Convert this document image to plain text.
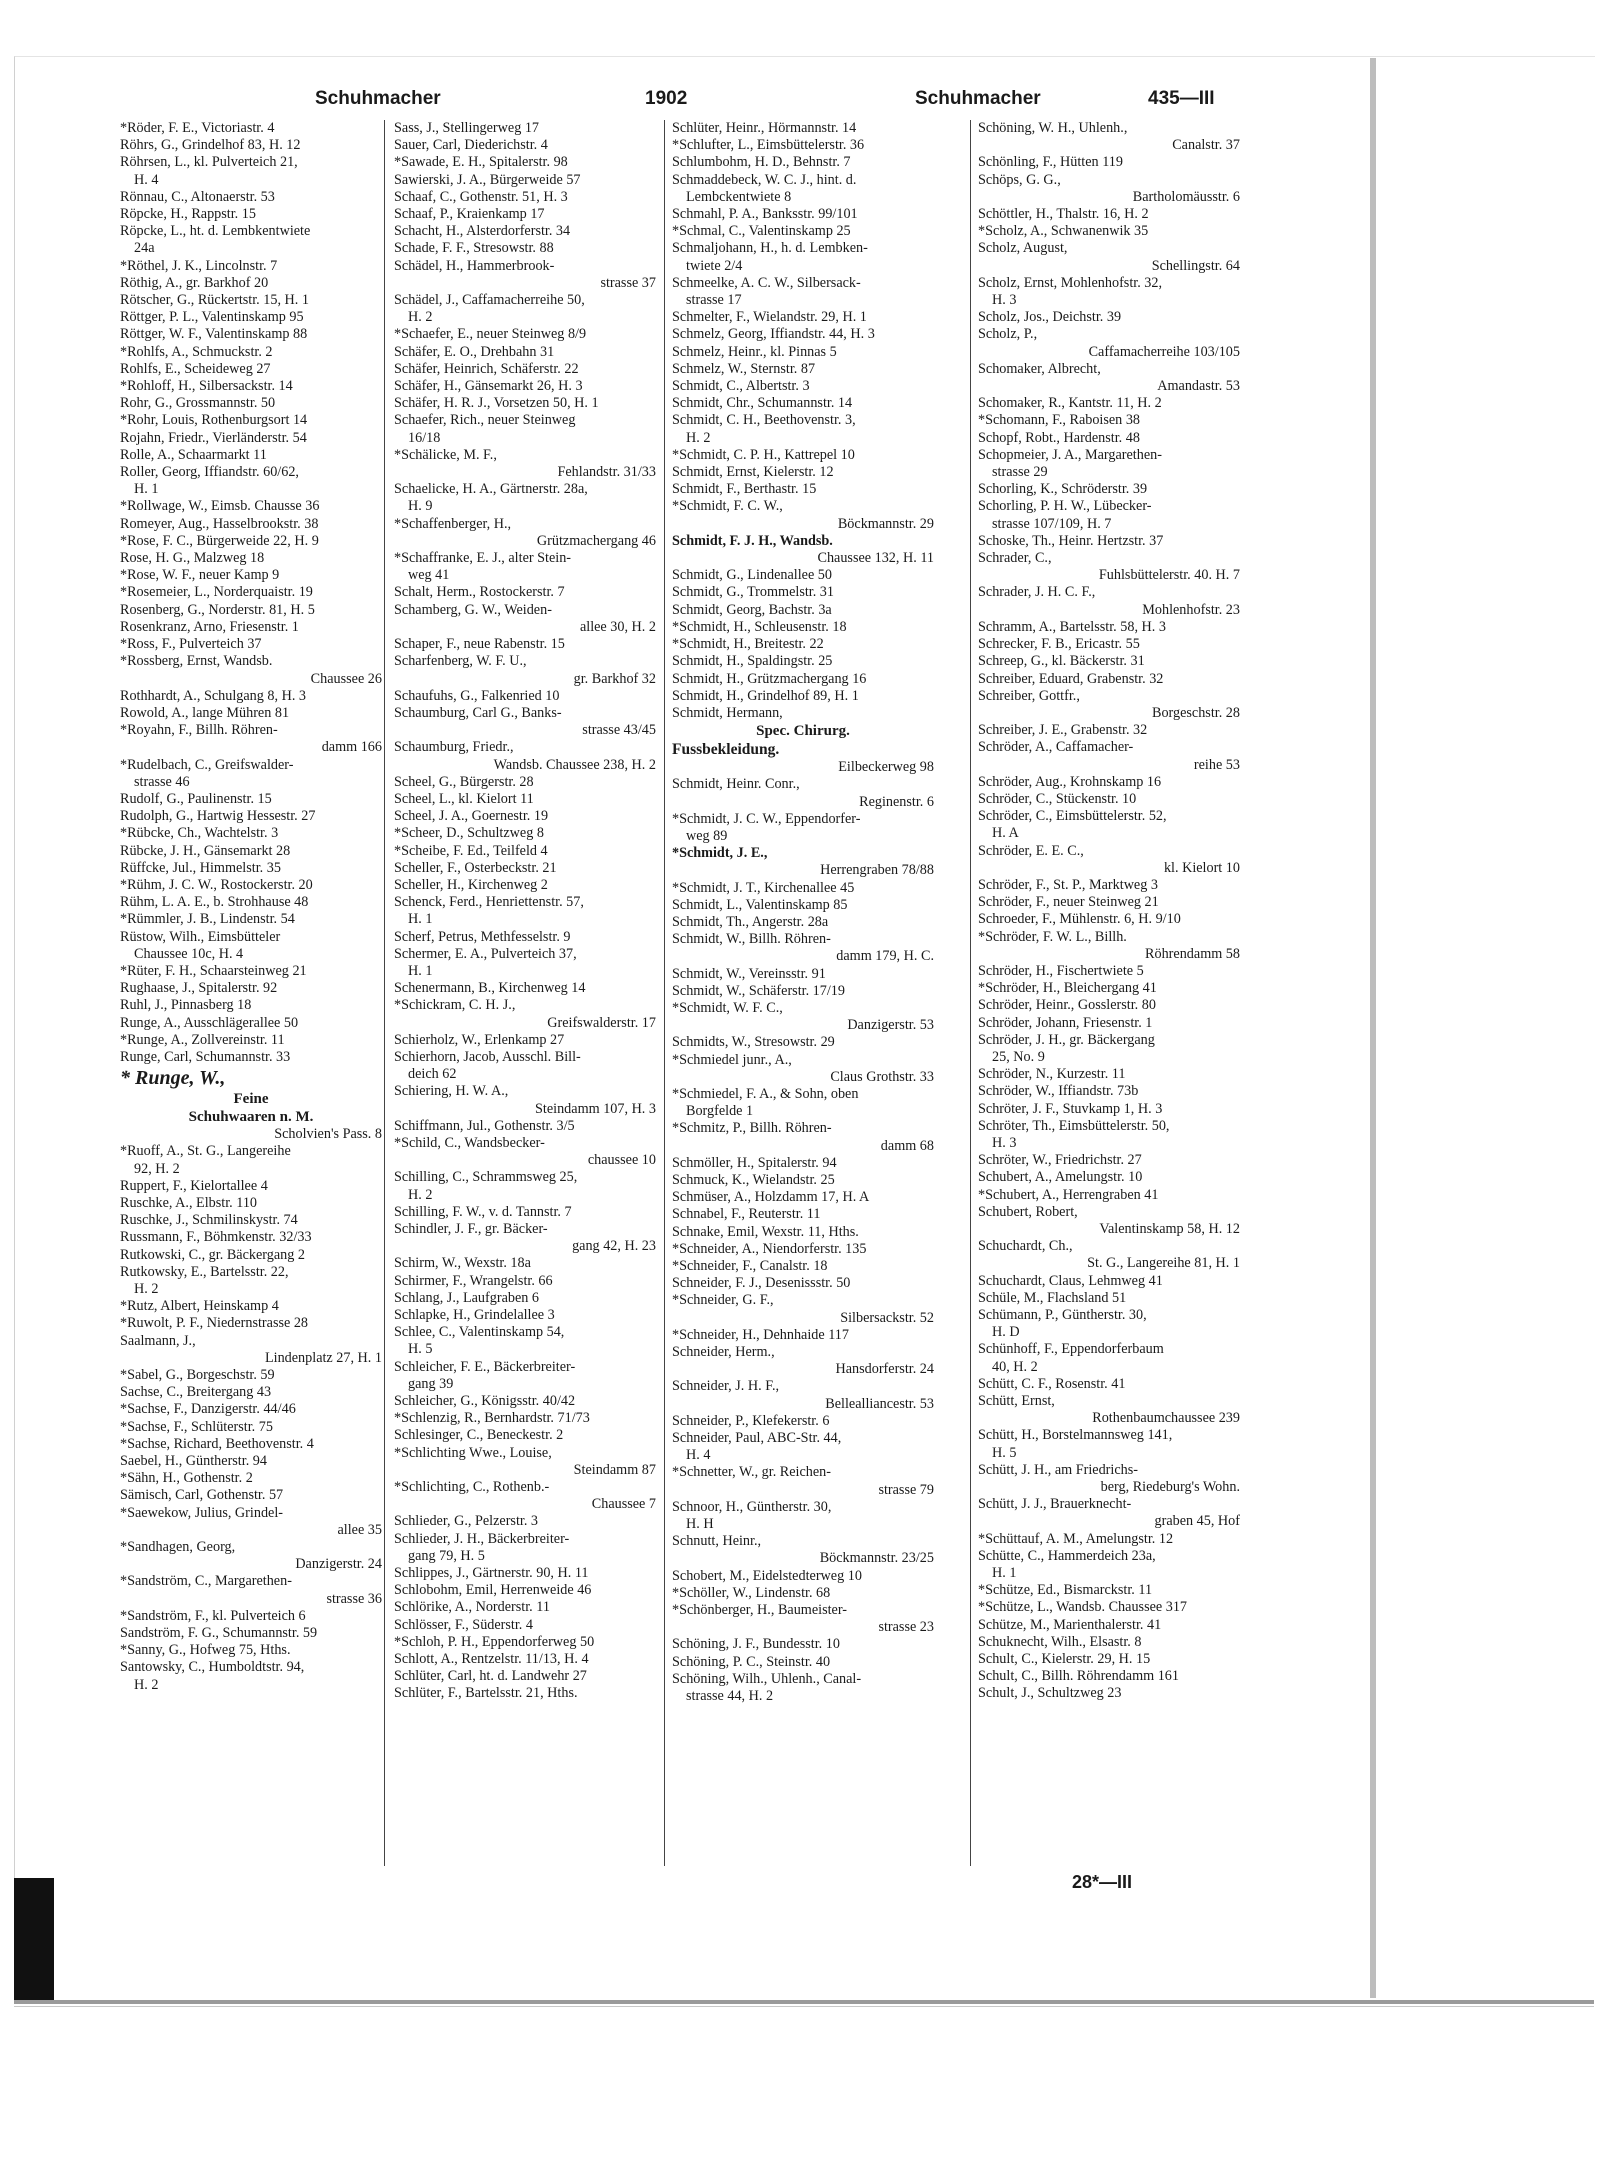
Schuhmacher	1902	Schuhmacher	435—III
*Röder, F. E., Victoriastr. 4
Röhrs, G., Grindelhof 83, H. 12
Röhrsen, L., kl. Pulverteich 21,
H. 4
Rönnau, C., Altonaerstr. 53
Röpcke, H., Rappstr. 15
Röpcke, L., ht. d. Lembkentwiete
24a
*Röthel, J. K., Lincolnstr. 7
Röthig, A., gr. Barkhof 20
Rötscher, G., Rückertstr. 15, H. 1
Röttger, P. L., Valentinskamp 95
Röttger, W. F., Valentinskamp 88
*Rohlfs, A., Schmuckstr. 2
Rohlfs, E., Scheideweg 27
*Rohloff, H., Silbersackstr. 14
Rohr, G., Grossmannstr. 50
*Rohr, Louis, Rothenburgsort 14
Rojahn, Friedr., Vierländerstr. 54
Rolle, A., Schaarmarkt 11
Roller, Georg, Iffiandstr. 60/62,
H. 1
*Rollwage, W., Eimsb. Chausse 36
Romeyer, Aug., Hasselbrookstr. 38
*Rose, F. C., Bürgerweide 22, H. 9
Rose, H. G., Malzweg 18
*Rose, W. F., neuer Kamp 9
*Rosemeier, L., Norderquaistr. 19
Rosenberg, G., Norderstr. 81, H. 5
Rosenkranz, Arno, Friesenstr. 1
*Ross, F., Pulverteich 37
*Rossberg, Ernst, Wandsb.
Chaussee 26
Rothhardt, A., Schulgang 8, H. 3
Rowold, A., lange Mühren 81
*Royahn, F., Billh. Röhren-
damm 166
*Rudelbach, C., Greifswalder-
strasse 46
Rudolf, G., Paulinenstr. 15
Rudolph, G., Hartwig Hessestr. 27
*Rübcke, Ch., Wachtelstr. 3
Rübcke, J. H., Gänsemarkt 28
Rüffcke, Jul., Himmelstr. 35
*Rühm, J. C. W., Rostockerstr. 20
Rühm, L. A. E., b. Strohhause 48
*Rümmler, J. B., Lindenstr. 54
Rüstow, Wilh., Eimsbütteler
Chaussee 10c, H. 4
*Rüter, F. H., Schaarsteinweg 21
Rughaase, J., Spitalerstr. 92
Ruhl, J., Pinnasberg 18
Runge, A., Ausschlägerallee 50
*Runge, A., Zollvereinstr. 11
Runge, Carl, Schumannstr. 33
* Runge, W.,
Feine
Schuhwaaren n. M.
Scholvien's Pass. 8
*Ruoff, A., St. G., Langereihe
92, H. 2
Ruppert, F., Kielortallee 4
Ruschke, A., Elbstr. 110
Ruschke, J., Schmilinskystr. 74
Russmann, F., Böhmkenstr. 32/33
Rutkowski, C., gr. Bäckergang 2
Rutkowsky, E., Bartelsstr. 22,
H. 2
*Rutz, Albert, Heinskamp 4
*Ruwolt, P. F., Niedernstrasse 28
Saalmann, J.,
Lindenplatz 27, H. 1
*Sabel, G., Borgeschstr. 59
Sachse, C., Breitergang 43
*Sachse, F., Danzigerstr. 44/46
*Sachse, F., Schlüterstr. 75
*Sachse, Richard, Beethovenstr. 4
Saebel, H., Güntherstr. 94
*Sähn, H., Gothenstr. 2
Sämisch, Carl, Gothenstr. 57
*Saewekow, Julius, Grindel-
allee 35
*Sandhagen, Georg,
Danzigerstr. 24
*Sandström, C., Margarethen-
strasse 36
*Sandström, F., kl. Pulverteich 6
Sandström, F. G., Schumannstr. 59
*Sanny, G., Hofweg 75, Hths.
Santowsky, C., Humboldtstr. 94,
H. 2
Sass, J., Stellingerweg 17
Sauer, Carl, Diederichstr. 4
*Sawade, E. H., Spitalerstr. 98
Sawierski, J. A., Bürgerweide 57
Schaaf, C., Gothenstr. 51, H. 3
Schaaf, P., Kraienkamp 17
Schacht, H., Alsterdorferstr. 34
Schade, F. F., Stresowstr. 88
Schädel, H., Hammerbrook-
strasse 37
Schädel, J., Caffamacherreihe 50,
H. 2
*Schaefer, E., neuer Steinweg 8/9
Schäfer, E. O., Drehbahn 31
Schäfer, Heinrich, Schäferstr. 22
Schäfer, H., Gänsemarkt 26, H. 3
Schäfer, H. R. J., Vorsetzen 50, H. 1
Schaefer, Rich., neuer Steinweg
16/18
*Schälicke, M. F.,
Fehlandstr. 31/33
Schaelicke, H. A., Gärtnerstr. 28a,
H. 9
*Schaffenberger, H.,
Grützmachergang 46
*Schaffranke, E. J., alter Stein-
weg 41
Schalt, Herm., Rostockerstr. 7
Schamberg, G. W., Weiden-
allee 30, H. 2
Schaper, F., neue Rabenstr. 15
Scharfenberg, W. F. U.,
gr. Barkhof 32
Schaufuhs, G., Falkenried 10
Schaumburg, Carl G., Banks-
strasse 43/45
Schaumburg, Friedr.,
Wandsb. Chaussee 238, H. 2
Scheel, G., Bürgerstr. 28
Scheel, L., kl. Kielort 11
Scheel, J. A., Goernestr. 19
*Scheer, D., Schultzweg 8
*Scheibe, F. Ed., Teilfeld 4
Scheller, F., Osterbeckstr. 21
Scheller, H., Kirchenweg 2
Schenck, Ferd., Henriettenstr. 57,
H. 1
Scherf, Petrus, Methfesselstr. 9
Schermer, E. A., Pulverteich 37,
H. 1
Schenermann, B., Kirchenweg 14
*Schickram, C. H. J.,
Greifswalderstr. 17
Schierholz, W., Erlenkamp 27
Schierhorn, Jacob, Ausschl. Bill-
deich 62
Schiering, H. W. A.,
Steindamm 107, H. 3
Schiffmann, Jul., Gothenstr. 3/5
*Schild, C., Wandsbecker-
chaussee 10
Schilling, C., Schrammsweg 25,
H. 2
Schilling, F. W., v. d. Tannstr. 7
Schindler, J. F., gr. Bäcker-
gang 42, H. 23
Schirm, W., Wexstr. 18a
Schirmer, F., Wrangelstr. 66
Schlang, J., Laufgraben 6
Schlapke, H., Grindelallee 3
Schlee, C., Valentinskamp 54,
H. 5
Schleicher, F. E., Bäckerbreiter-
gang 39
Schleicher, G., Königsstr. 40/42
*Schlenzig, R., Bernhardstr. 71/73
Schlesinger, C., Beneckestr. 2
*Schlichting Wwe., Louise,
Steindamm 87
*Schlichting, C., Rothenb.-
Chaussee 7
Schlieder, G., Pelzerstr. 3
Schlieder, J. H., Bäckerbreiter-
gang 79, H. 5
Schlippes, J., Gärtnerstr. 90, H. 11
Schlobohm, Emil, Herrenweide 46
Schlörike, A., Norderstr. 11
Schlösser, F., Süderstr. 4
*Schloh, P. H., Eppendorferweg 50
Schlott, A., Rentzelstr. 11/13, H. 4
Schlüter, Carl, ht. d. Landwehr 27
Schlüter, F., Bartelsstr. 21, Hths.
Schlüter, Heinr., Hörmannstr. 14
*Schlufter, L., Eimsbüttelerstr. 36
Schlumbohm, H. D., Behnstr. 7
Schmaddebeck, W. C. J., hint. d.
Lembckentwiete 8
Schmahl, P. A., Banksstr. 99/101
*Schmal, C., Valentinskamp 25
Schmaljohann, H., h. d. Lembken-
twiete 2/4
Schmeelke, A. C. W., Silbersack-
strasse 17
Schmelter, F., Wielandstr. 29, H. 1
Schmelz, Georg, Iffiandstr. 44, H. 3
Schmelz, Heinr., kl. Pinnas 5
Schmelz, W., Sternstr. 87
Schmidt, C., Albertstr. 3
Schmidt, Chr., Schumannstr. 14
Schmidt, C. H., Beethovenstr. 3,
H. 2
*Schmidt, C. P. H., Kattrepel 10
Schmidt, Ernst, Kielerstr. 12
Schmidt, F., Berthastr. 15
*Schmidt, F. C. W.,
Böckmannstr. 29
Schmidt, F. J. H., Wandsb.
Chaussee 132, H. 11
Schmidt, G., Lindenallee 50
Schmidt, G., Trommelstr. 31
Schmidt, Georg, Bachstr. 3a
*Schmidt, H., Schleusenstr. 18
*Schmidt, H., Breitestr. 22
Schmidt, H., Spaldingstr. 25
Schmidt, H., Grützmachergang 16
Schmidt, H., Grindelhof 89, H. 1
Schmidt, Hermann,
Spec. Chirurg.
Fussbekleidung.
Eilbeckerweg 98
Schmidt, Heinr. Conr.,
Reginenstr. 6
*Schmidt, J. C. W., Eppendorfer-
weg 89
*Schmidt, J. E.,
Herrengraben 78/88
*Schmidt, J. T., Kirchenallee 45
Schmidt, L., Valentinskamp 85
Schmidt, Th., Angerstr. 28a
Schmidt, W., Billh. Röhren-
damm 179, H. C.
Schmidt, W., Vereinsstr. 91
Schmidt, W., Schäferstr. 17/19
*Schmidt, W. F. C.,
Danzigerstr. 53
Schmidts, W., Stresowstr. 29
*Schmiedel junr., A.,
Claus Grothstr. 33
*Schmiedel, F. A., & Sohn, oben
Borgfelde 1
*Schmitz, P., Billh. Röhren-
damm 68
Schmöller, H., Spitalerstr. 94
Schmuck, K., Wielandstr. 25
Schmüser, A., Holzdamm 17, H. A
Schnabel, F., Reuterstr. 11
Schnake, Emil, Wexstr. 11, Hths.
*Schneider, A., Niendorferstr. 135
*Schneider, F., Canalstr. 18
Schneider, F. J., Desenissstr. 50
*Schneider, G. F.,
Silbersackstr. 52
*Schneider, H., Dehnhaide 117
Schneider, Herm.,
Hansdorferstr. 24
Schneider, J. H. F.,
Bellealliancestr. 53
Schneider, P., Klefekerstr. 6
Schneider, Paul, ABC-Str. 44,
H. 4
*Schnetter, W., gr. Reichen-
strasse 79
Schnoor, H., Güntherstr. 30,
H. H
Schnutt, Heinr.,
Böckmannstr. 23/25
Schobert, M., Eidelstedterweg 10
*Schöller, W., Lindenstr. 68
*Schönberger, H., Baumeister-
strasse 23
Schöning, J. F., Bundesstr. 10
Schöning, P. C., Steinstr. 40
Schöning, Wilh., Uhlenh., Canal-
strasse 44, H. 2
Schöning, W. H., Uhlenh.,
Canalstr. 37
Schönling, F., Hütten 119
Schöps, G. G.,
Bartholomäusstr. 6
Schöttler, H., Thalstr. 16, H. 2
*Scholz, A., Schwanenwik 35
Scholz, August,
Schellingstr. 64
Scholz, Ernst, Mohlenhofstr. 32,
H. 3
Scholz, Jos., Deichstr. 39
Scholz, P.,
Caffamacherreihe 103/105
Schomaker, Albrecht,
Amandastr. 53
Schomaker, R., Kantstr. 11, H. 2
*Schomann, F., Raboisen 38
Schopf, Robt., Hardenstr. 48
Schopmeier, J. A., Margarethen-
strasse 29
Schorling, K., Schröderstr. 39
Schorling, P. H. W., Lübecker-
strasse 107/109, H. 7
Schoske, Th., Heinr. Hertzstr. 37
Schrader, C.,
Fuhlsbüttelerstr. 40. H. 7
Schrader, J. H. C. F.,
Mohlenhofstr. 23
Schramm, A., Bartelsstr. 58, H. 3
Schrecker, F. B., Ericastr. 55
Schreep, G., kl. Bäckerstr. 31
Schreiber, Eduard, Grabenstr. 32
Schreiber, Gottfr.,
Borgeschstr. 28
Schreiber, J. E., Grabenstr. 32
Schröder, A., Caffamacher-
reihe 53
Schröder, Aug., Krohnskamp 16
Schröder, C., Stückenstr. 10
Schröder, C., Eimsbüttelerstr. 52,
H. A
Schröder, E. E. C.,
kl. Kielort 10
Schröder, F., St. P., Marktweg 3
Schröder, F., neuer Steinweg 21
Schroeder, F., Mühlenstr. 6, H. 9/10
*Schröder, F. W. L., Billh.
Röhrendamm 58
Schröder, H., Fischertwiete 5
*Schröder, H., Bleichergang 41
Schröder, Heinr., Gosslerstr. 80
Schröder, Johann, Friesenstr. 1
Schröder, J. H., gr. Bäckergang
25, No. 9
Schröder, N., Kurzestr. 11
Schröder, W., Iffiandstr. 73b
Schröter, J. F., Stuvkamp 1, H. 3
Schröter, Th., Eimsbüttelerstr. 50,
H. 3
Schröter, W., Friedrichstr. 27
Schubert, A., Amelungstr. 10
*Schubert, A., Herrengraben 41
Schubert, Robert,
Valentinskamp 58, H. 12
Schuchardt, Ch.,
St. G., Langereihe 81, H. 1
Schuchardt, Claus, Lehmweg 41
Schüle, M., Flachsland 51
Schümann, P., Güntherstr. 30,
H. D
Schünhoff, F., Eppendorferbaum
40, H. 2
Schütt, C. F., Rosenstr. 41
Schütt, Ernst,
Rothenbaumchaussee 239
Schütt, H., Borstelmannsweg 141,
H. 5
Schütt, J. H., am Friedrichs-
berg, Riedeburg's Wohn.
Schütt, J. J., Brauerknecht-
graben 45, Hof
*Schüttauf, A. M., Amelungstr. 12
Schütte, C., Hammerdeich 23a,
H. 1
*Schütze, Ed., Bismarckstr. 11
*Schütze, L., Wandsb. Chaussee 317
Schütze, M., Marienthalerstr. 41
Schuknecht, Wilh., Elsastr. 8
Schult, C., Kielerstr. 29, H. 15
Schult, C., Billh. Röhrendamm 161
Schult, J., Schultzweg 23
28*—III
